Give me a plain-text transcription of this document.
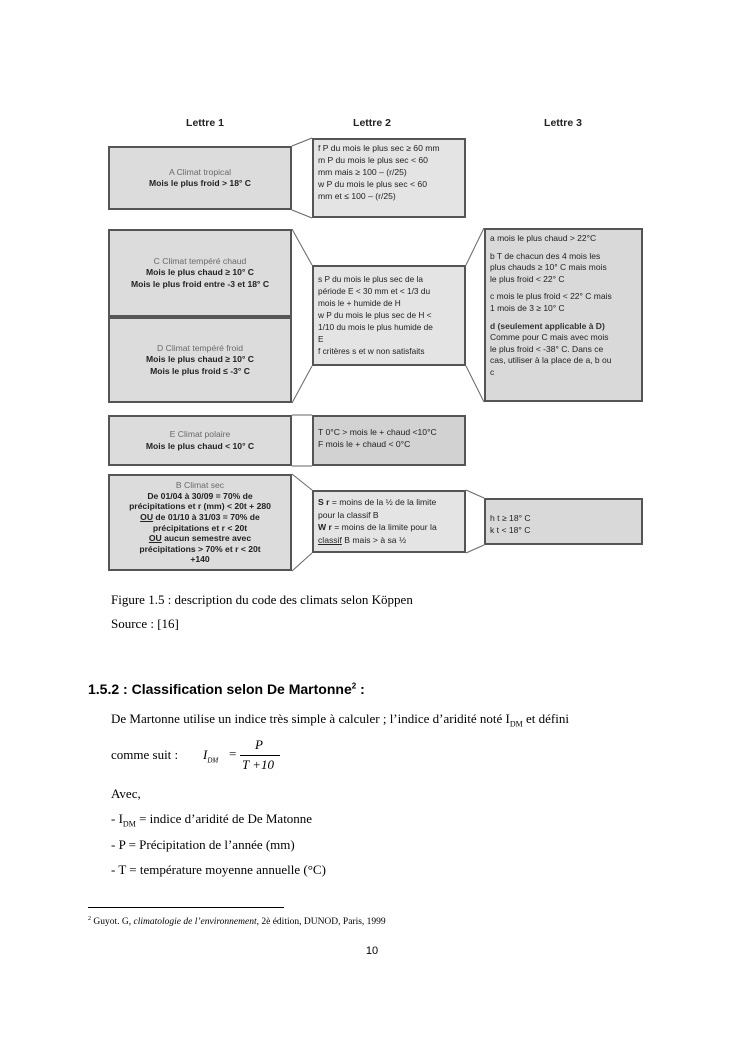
Lettre 1	Lettre 2	Lettre 3
A Climat tropical
Mois le plus froid > 18° C
C Climat tempéré chaud
Mois le plus chaud ≥ 10° C
Mois le plus froid entre -3 et 18° C
D Climat tempéré froid
Mois le plus chaud ≥ 10° C
Mois le plus froid ≤ -3° C
E Climat polaire
Mois le plus chaud < 10° C
B Climat sec
De 01/04 à 30/09 = 70% de
précipitations et r (mm) < 20t + 280
OU de 01/10 à 31/03 = 70% de
précipitations et r < 20t
OU aucun semestre avec
précipitations > 70% et r < 20t
+140
f P du mois le plus sec ≥ 60 mm
m P du mois le plus sec < 60
mm mais ≥ 100 – (r/25)
w P du mois le plus sec < 60
mm et ≤ 100 – (r/25)
s P du mois le plus sec de la
période E < 30 mm et < 1/3 du
mois le + humide de H
w P du mois le plus sec de H <
1/10 du mois le plus humide de
E
f critères s et w non satisfaits
T 0°C > mois le + chaud <10°C
F mois le + chaud < 0°C
S r = moins de la ½ de la limite
pour la classif B
W r = moins de la limite pour la
classif B mais > à sa ½
a mois le plus chaud > 22°C
b T de chacun des 4 mois les
plus chauds ≥ 10° C mais mois
le plus froid < 22° C
c mois le plus froid < 22° C mais
1 mois de 3 ≥ 10° C
d (seulement applicable à D)
Comme pour C mais avec mois
le plus froid < -38° C. Dans ce
cas, utiliser à la place de a, b ou
c
h t ≥ 18° C
k t < 18° C
Figure 1.5 : description du code des climats selon Köppen
Source : [16]
1.5.2 : Classification selon De Martonne$^2$ :
De Martonne utilise un indice très simple à calculer ; l’indice d’aridité noté $I_{DM}$ et défini
comme suit : $I_{DM}$ =
P
T +10
Avec,
- $I_{DM}$ = indice d’aridité de De Matonne
- P = Précipitation de l’année (mm)
- T = température moyenne annuelle (°C)
$^2$ Guyot. G, climatologie de l’environnement, 2è édition, DUNOD, Paris, 1999
10
